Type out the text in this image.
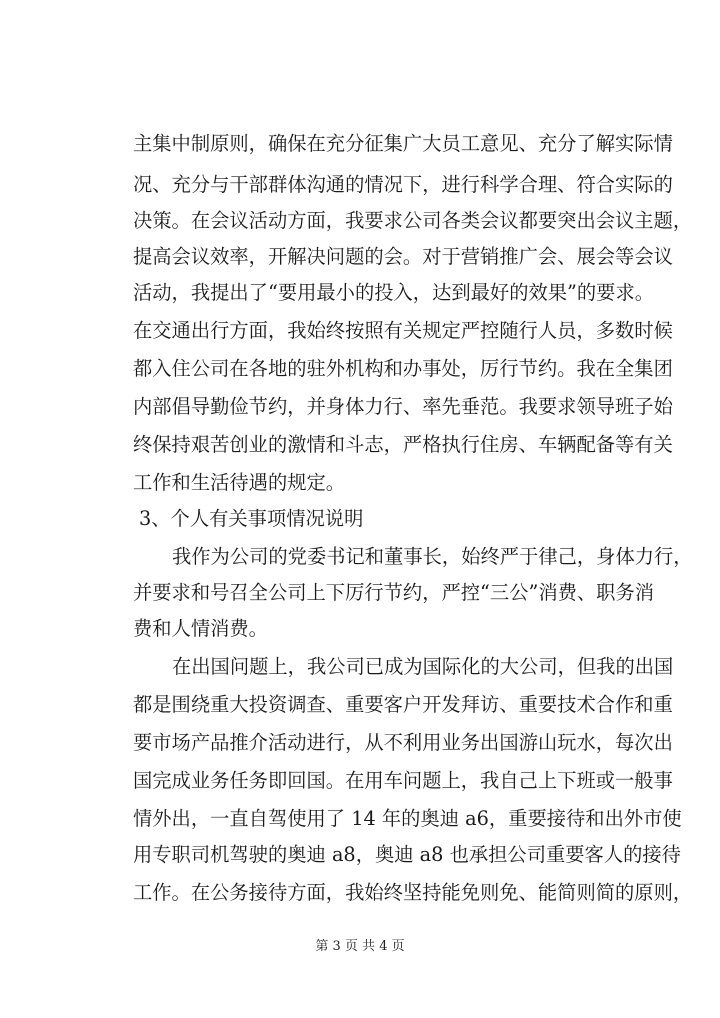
主集中制原则，确保在充分征集广大员工意见、充分了解实际情
况、充分与干部群体沟通的情况下，进行科学合理、符合实际的
决策。在会议活动方面，我要求公司各类会议都要突出会议主题，
提高会议效率，开解决问题的会。对于营销推广会、展会等会议
活动，我提出了“要用最小的投入，达到最好的效果”的要求。
在交通出行方面，我始终按照有关规定严控随行人员，多数时候
都入住公司在各地的驻外机构和办事处，厉行节约。我在全集团
内部倡导勤俭节约，并身体力行、率先垂范。我要求领导班子始
终保持艰苦创业的激情和斗志，严格执行住房、车辆配备等有关
工作和生活待遇的规定。
3、个人有关事项情况说明
我作为公司的党委书记和董事长，始终严于律己，身体力行，
并要求和号召全公司上下厉行节约，严控“三公”消费、职务消
费和人情消费。
在出国问题上，我公司已成为国际化的大公司，但我的出国
都是围绕重大投资调查、重要客户开发拜访、重要技术合作和重
要市场产品推介活动进行，从不利用业务出国游山玩水，每次出
国完成业务任务即回国。在用车问题上，我自己上下班或一般事
情外出，一直自驾使用了 14 年的奥迪 a6，重要接待和出外市使
用专职司机驾驶的奥迪 a8，奥迪 a8 也承担公司重要客人的接待
工作。在公务接待方面，我始终坚持能免则免、能简则简的原则，
第 3 页 共 4 页
